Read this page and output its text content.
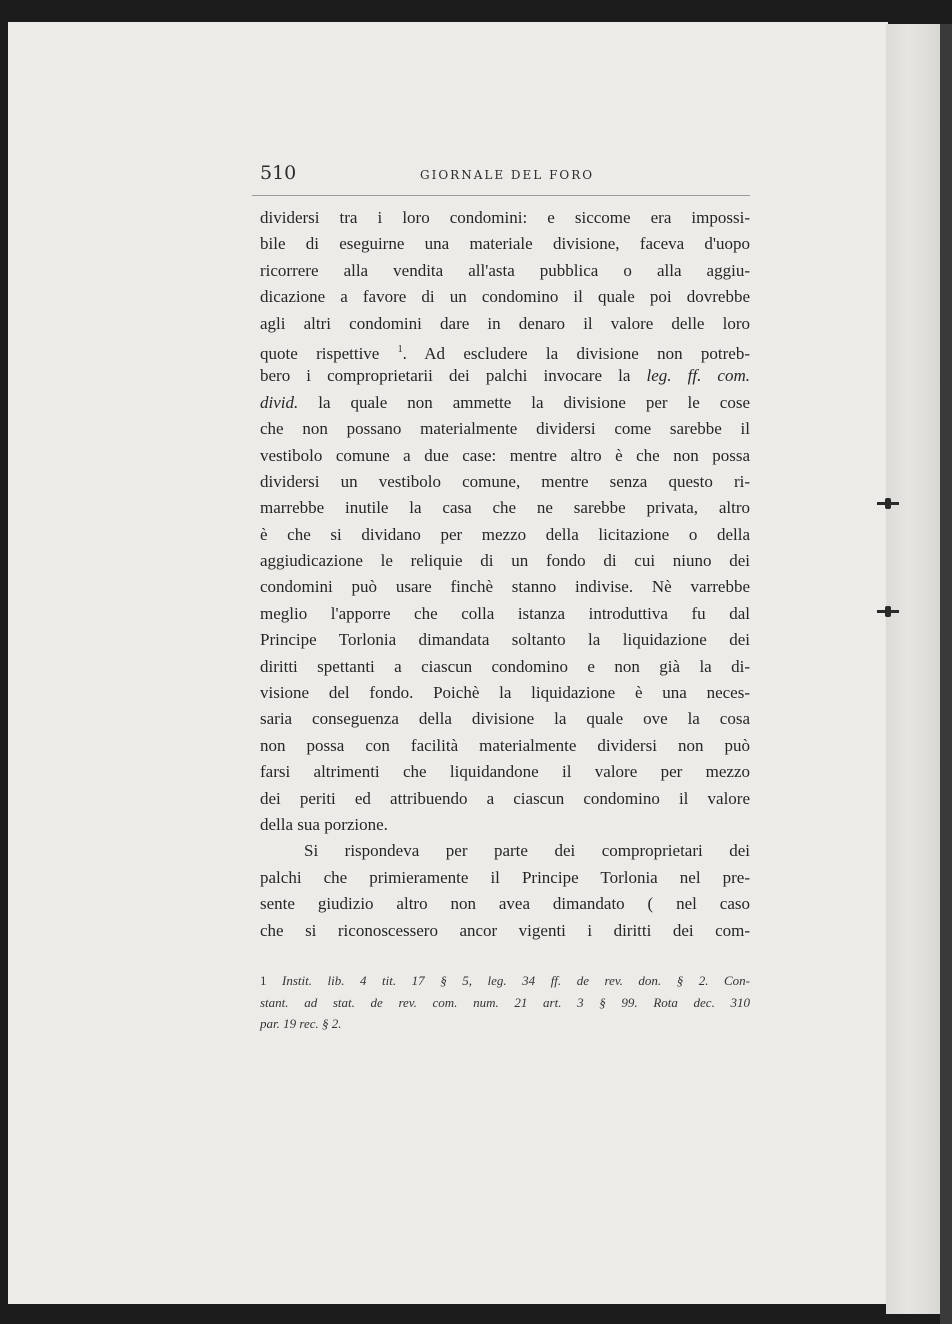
510	GIORNALE DEL FORO
dividersi tra i loro condomini: e siccome era impossi-
bile di eseguirne una materiale divisione, faceva d'uopo
ricorrere alla vendita all'asta pubblica o alla aggiu-
dicazione a favore di un condomino il quale poi dovrebbe
agli altri condomini dare in denaro il valore delle loro
quote rispettive $^1$. Ad escludere la divisione non potreb-
bero i comproprietarii dei palchi invocare la leg. ff. com.
divid. la quale non ammette la divisione per le cose
che non possano materialmente dividersi come sarebbe il
vestibolo comune a due case: mentre altro è che non possa
dividersi un vestibolo comune, mentre senza questo ri-
marrebbe inutile la casa che ne sarebbe privata, altro
è che si dividano per mezzo della licitazione o della
aggiudicazione le reliquie di un fondo di cui niuno dei
condomini può usare finchè stanno indivise. Nè varrebbe
meglio l'apporre che colla istanza introduttiva fu dal
Principe Torlonia dimandata soltanto la liquidazione dei
diritti spettanti a ciascun condomino e non già la di-
visione del fondo. Poichè la liquidazione è una neces-
saria conseguenza della divisione la quale ove la cosa
non possa con facilità materialmente dividersi non può
farsi altrimenti che liquidandone il valore per mezzo
dei periti ed attribuendo a ciascun condomino il valore
della sua porzione.
Si rispondeva per parte dei comproprietari dei
palchi che primieramente il Principe Torlonia nel pre-
sente giudizio altro non avea dimandato ( nel caso
che si riconoscessero ancor vigenti i diritti dei com-
1 Instit. lib. 4 tit. 17 § 5, leg. 34 ff. de rev. don. § 2. Con-
stant. ad stat. de rev. com. num. 21 art. 3 § 99. Rota dec. 310
par. 19 rec. § 2.
